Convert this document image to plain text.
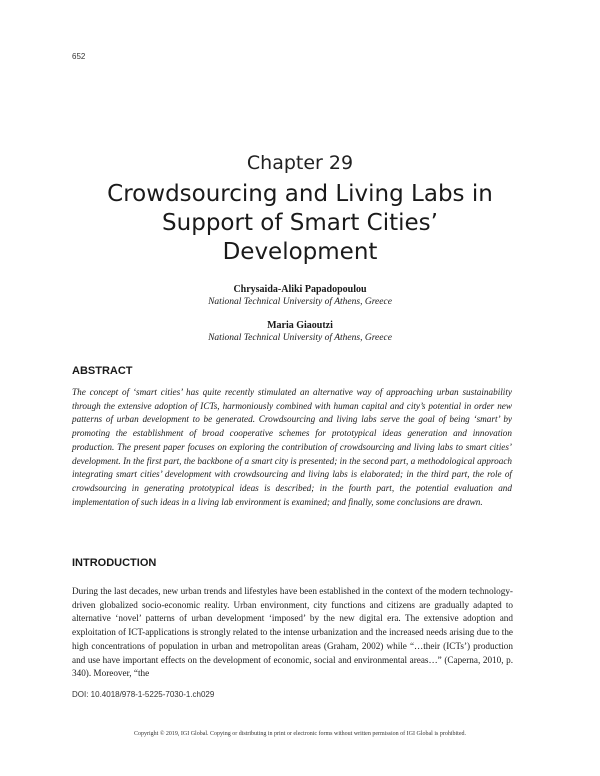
652
Chapter 29
Crowdsourcing and Living Labs in Support of Smart Cities’ Development
Chrysaida-Aliki Papadopoulou
National Technical University of Athens, Greece
Maria Giaoutzi
National Technical University of Athens, Greece
ABSTRACT

The concept of ‘smart cities’ has quite recently stimulated an alternative way of approaching urban sustainability through the extensive adoption of ICTs, harmoniously combined with human capital and city’s potential in order new patterns of urban development to be generated. Crowdsourcing and living labs serve the goal of being ‘smart’ by promoting the establishment of broad cooperative schemes for prototypical ideas generation and innovation production. The present paper focuses on exploring the contribution of crowdsourcing and living labs to smart cities’ development. In the first part, the backbone of a smart city is presented; in the second part, a methodological approach integrating smart cities’ development with crowdsourcing and living labs is elaborated; in the third part, the role of crowdsourcing in generating prototypical ideas is described; in the fourth part, the potential evaluation and implementation of such ideas in a living lab environment is examined; and finally, some conclusions are drawn.

INTRODUCTION

During the last decades, new urban trends and lifestyles have been established in the context of the modern technology-driven globalized socio-economic reality. Urban environment, city functions and citizens are gradually adapted to alternative ‘novel’ patterns of urban development ‘imposed’ by the new digital era. The extensive adoption and exploitation of ICT-applications is strongly related to the intense urbanization and the increased needs arising due to the high concentrations of population in urban and metropolitan areas (Graham, 2002) while “…their (ICTs’) production and use have important effects on the development of economic, social and environmental areas…” (Caperna, 2010, p. 340). Moreover, “the

DOI: 10.4018/978-1-5225-7030-1.ch029
Copyright © 2019, IGI Global. Copying or distributing in print or electronic forms without written permission of IGI Global is prohibited.
